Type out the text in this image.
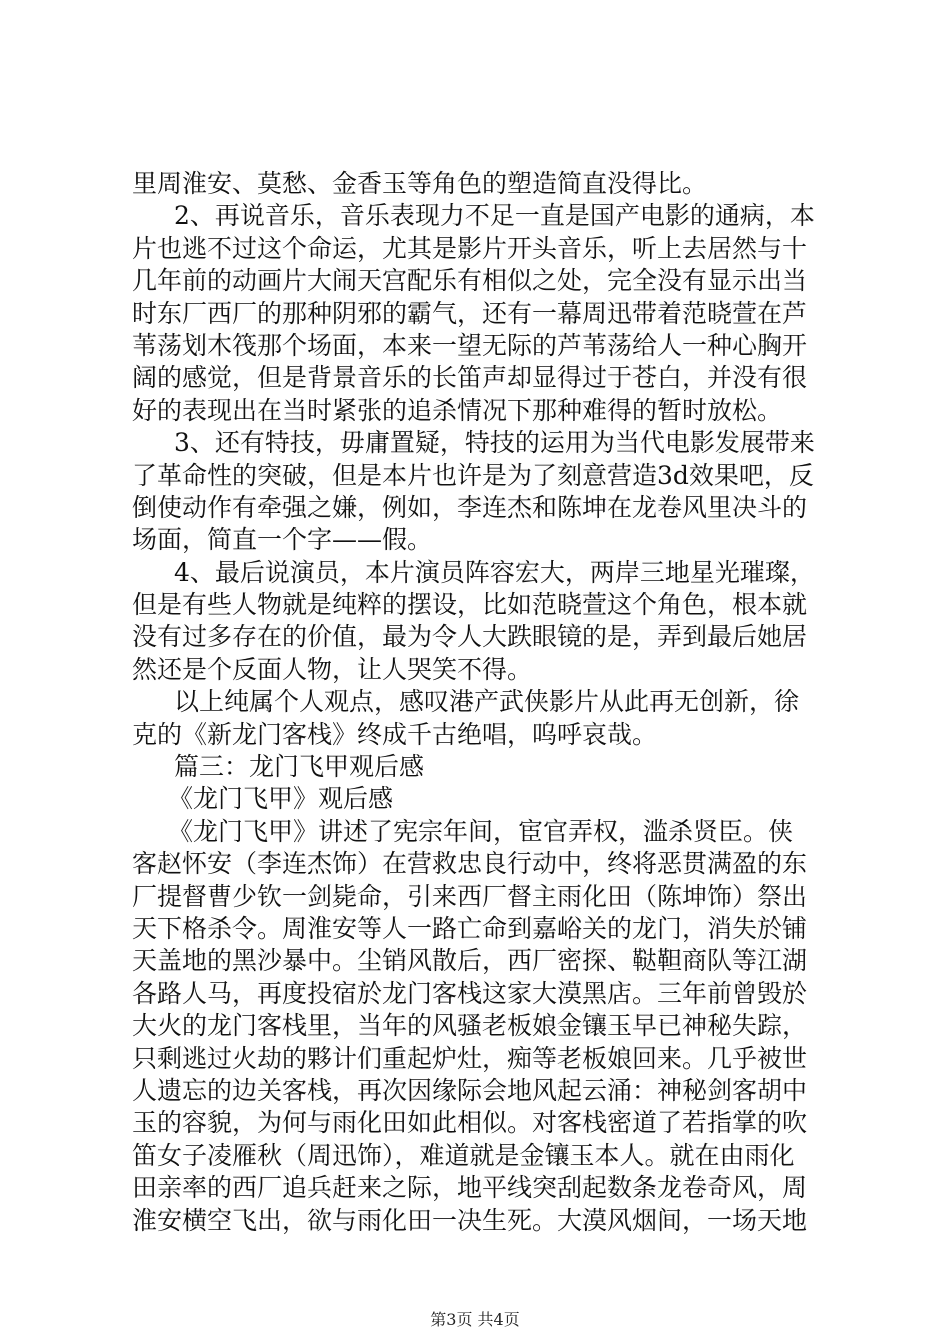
里周淮安、莫愁、金香玉等角色的塑造简直没得比。
2、再说音乐，音乐表现力不足一直是国产电影的通病，本
片也逃不过这个命运，尤其是影片开头音乐，听上去居然与十
几年前的动画片大闹天宫配乐有相似之处，完全没有显示出当
时东厂西厂的那种阴邪的霸气，还有一幕周迅带着范晓萱在芦
苇荡划木筏那个场面，本来一望无际的芦苇荡给人一种心胸开
阔的感觉，但是背景音乐的长笛声却显得过于苍白，并没有很
好的表现出在当时紧张的追杀情况下那种难得的暂时放松。
3、还有特技，毋庸置疑，特技的运用为当代电影发展带来
了革命性的突破，但是本片也许是为了刻意营造3d效果吧，反
倒使动作有牵强之嫌，例如，李连杰和陈坤在龙卷风里决斗的
场面，简直一个字——假。
4、最后说演员，本片演员阵容宏大，两岸三地星光璀璨，
但是有些人物就是纯粹的摆设，比如范晓萱这个角色，根本就
没有过多存在的价值，最为令人大跌眼镜的是，弄到最后她居
然还是个反面人物，让人哭笑不得。
以上纯属个人观点，感叹港产武侠影片从此再无创新，徐
克的《新龙门客栈》终成千古绝唱，呜呼哀哉。
篇三：龙门飞甲观后感
《龙门飞甲》观后感
《龙门飞甲》讲述了宪宗年间，宦官弄权，滥杀贤臣。侠
客赵怀安（李连杰饰）在营救忠良行动中，终将恶贯满盈的东
厂提督曹少钦一剑毙命，引来西厂督主雨化田（陈坤饰）祭出
天下格杀令。周淮安等人一路亡命到嘉峪关的龙门，消失於铺
天盖地的黑沙暴中。尘销风散后，西厂密探、鞑靼商队等江湖
各路人马，再度投宿於龙门客栈这家大漠黑店。三年前曾毁於
大火的龙门客栈里，当年的风骚老板娘金镶玉早已神秘失踪，
只剩逃过火劫的夥计们重起炉灶，痴等老板娘回来。几乎被世
人遗忘的边关客栈，再次因缘际会地风起云涌：神秘剑客胡中
玉的容貌，为何与雨化田如此相似。对客栈密道了若指掌的吹
笛女子凌雁秋（周迅饰），难道就是金镶玉本人。就在由雨化
田亲率的西厂追兵赶来之际，地平线突刮起数条龙卷奇风，周
淮安横空飞出，欲与雨化田一决生死。大漠风烟间，一场天地
第3页 共4页
